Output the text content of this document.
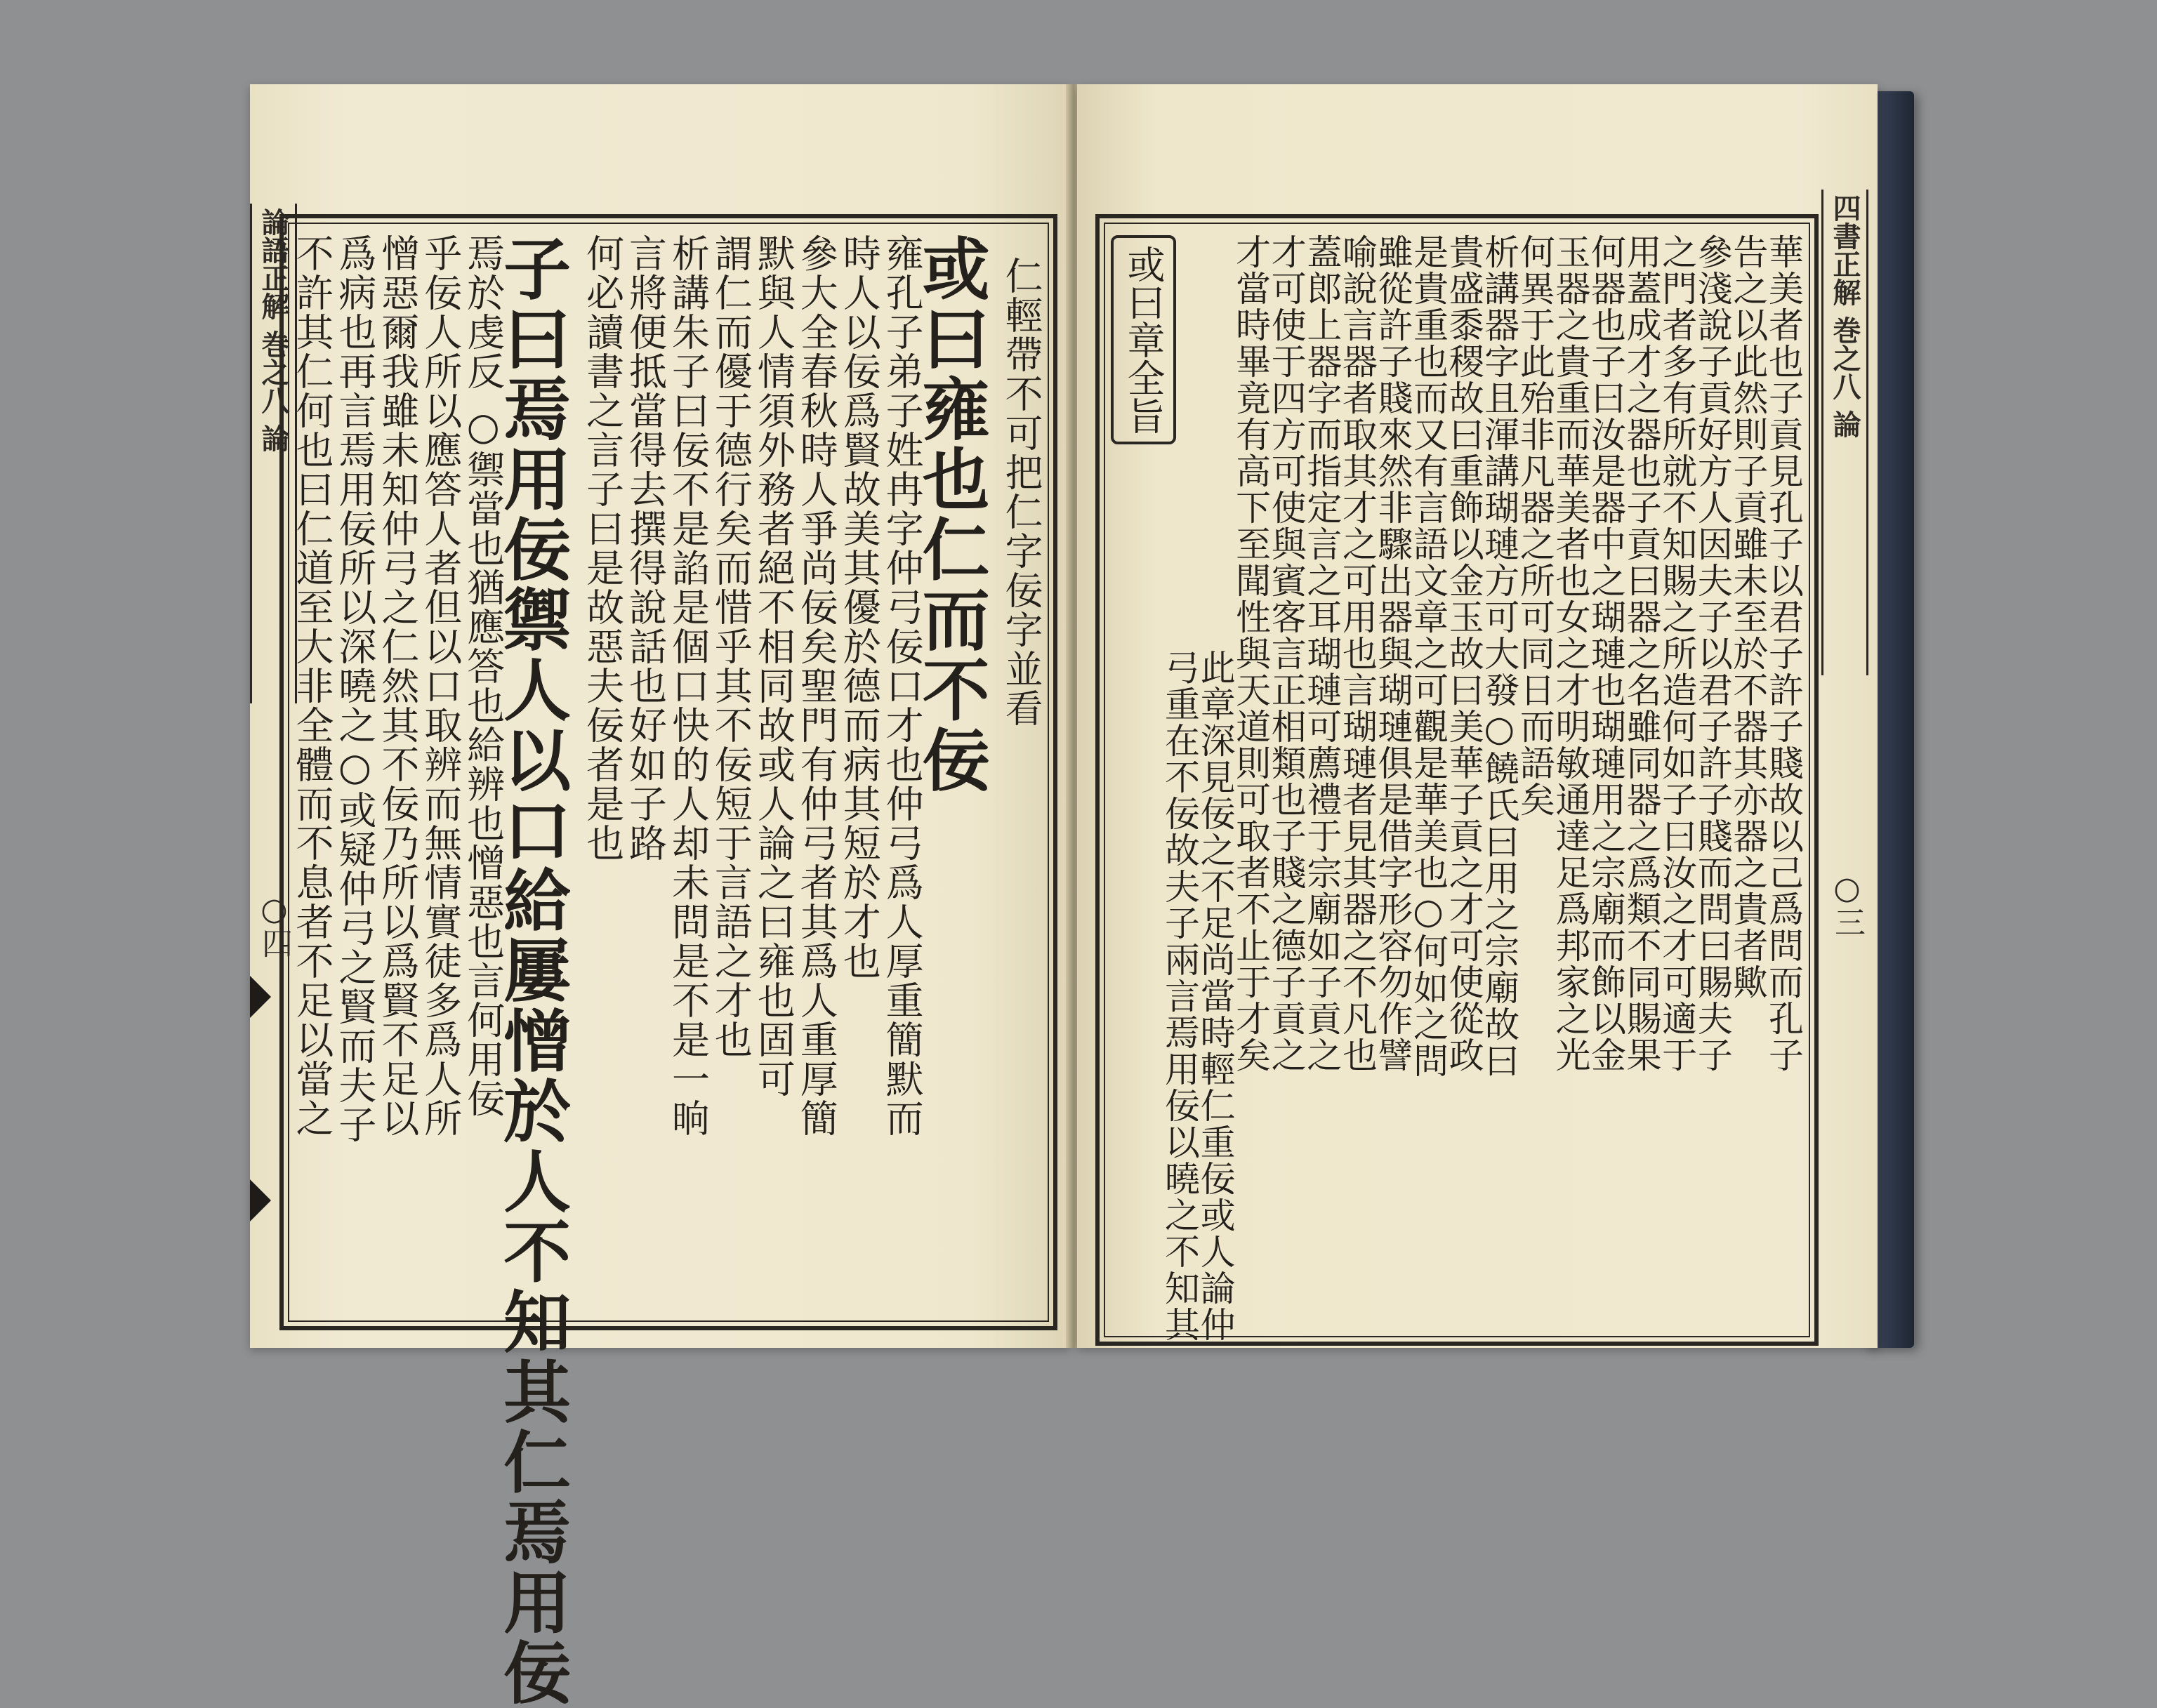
論語正解 巻之八 論
○四
仁輕帶不可把仁字佞字並看
或曰雍也仁而不佞
雍孔子弟子姓冉字仲弓佞口才也仲弓爲人厚重簡默而
時人以佞爲賢故美其優於德而病其短於才也
參大全春秋時人爭尚佞矣聖門有仲弓者其爲人重厚簡
默與人情須外務者絕不相同故或人論之曰雍也固可
謂仁而優于德行矣而惜乎其不佞短于言語之才也
析講朱子曰佞不是諂是個口快的人却未問是不是一晌
言將便抵當得去撰得說話也好如子路
何必讀書之言子曰是故惡夫佞者是也
子曰焉用佞禦人以口給屢憎於人不知其仁焉用佞
焉於虔反 ○禦當也猶應答也給辨也憎惡也言何用佞
乎佞人所以應答人者但以口取辨而無情實徒多爲人所
憎惡爾我雖未知仲弓之仁然其不佞乃所以爲賢不足以
爲病也再言焉用佞所以深曉之○或疑仲弓之賢而夫子
不許其仁何也曰仁道至大非全體而不息者不足以當之	四書正解 巻之八 論
○三
華美者也子貢見孔子以君子許子賤故以己爲問而孔子
告之以此然則子貢雖未至於不器其亦器之貴者歟
參淺說子貢好方人因夫子以君子許子賤而問曰賜夫子
之門者多有所就不知賜之所造何如子曰汝之才可適于
用蓋成才之器也子貢曰器之名雖同器之爲類不同賜果
何器也子曰汝是器中之瑚璉也瑚璉用之宗廟而飾以金
玉器之貴重而華美者也女之才明敏通達足爲邦家之光
何異于此殆非凡器之所可同日而語矣
析講器字且渾講瑚璉方可大發○饒氏曰用之宗廟故曰
貴盛黍稷故曰重飾以金玉故曰美華子貢之才可使從政
是貴重也而又有言語文章之可觀是華美也○何如之問
雖從許子賤來然非驟出器與瑚璉俱是借字形容勿作譬
喻說言器者取其才之可用也言瑚璉者見其器之不凡也
蓋郎上器字而指定言之耳瑚璉可薦禮于宗廟如子貢之
才可使于四方可使與賓客言正相類也子賤之德子貢之
才當時畢竟有高下至聞性與天道則可取者不止于才矣
此章深見佞之不足尚當時輕仁重佞或人論仲
弓重在不佞故夫子兩言焉用佞以曉之不知其
或曰章全旨
